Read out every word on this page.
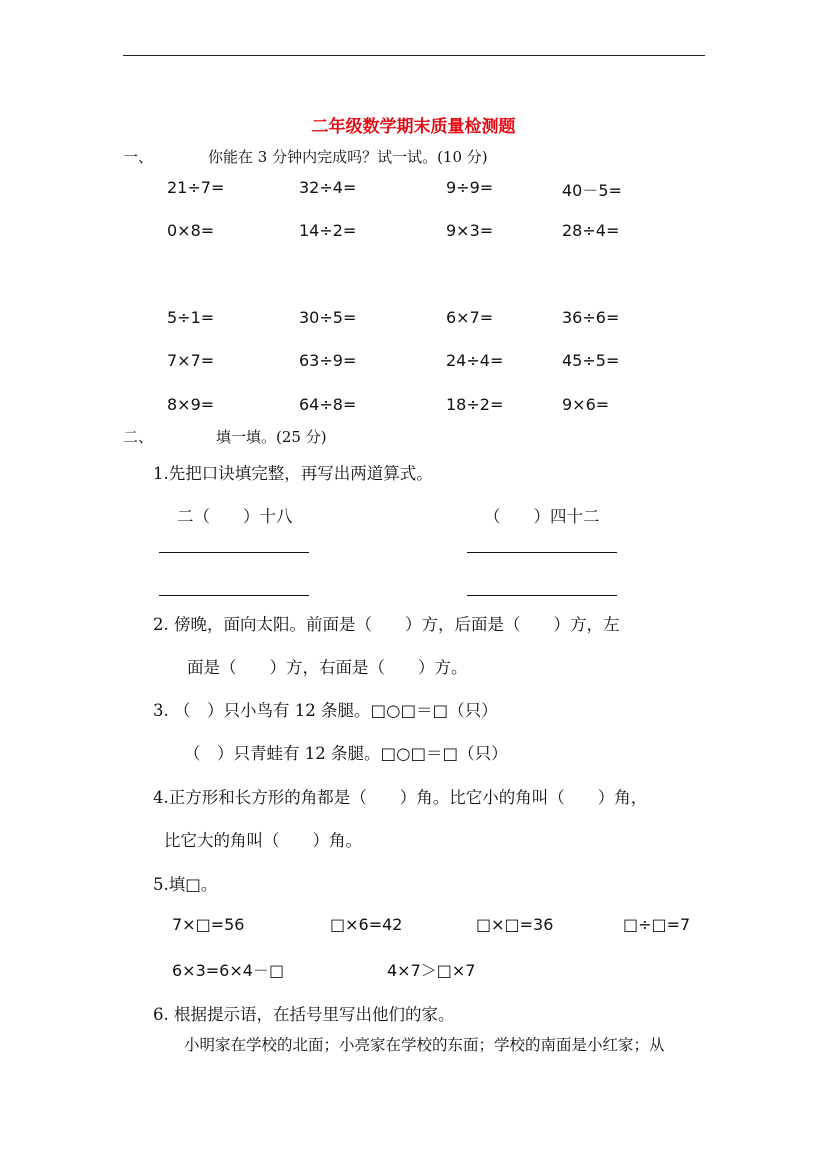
二年级数学期末质量检测题
一、	你能在 3 分钟内完成吗？试一试。(10 分)
21÷7=	32÷4=	9÷9=	40－5=
0×8=	14÷2=	9×3=	28÷4=
5÷1=	30÷5=	6×7=	36÷6=
7×7=	63÷9=	24÷4=	45÷5=
8×9=	64÷8=	18÷2=	9×6=
二、	填一填。(25 分)
1.先把口诀填完整，再写出两道算式。
二（　　）十八	（　　）四十二
2. 傍晚，面向太阳。前面是（　　）方，后面是（　　）方，左
面是（　　）方，右面是（　　）方。
3. （　）只小鸟有 12 条腿。□○□＝□（只）
（　）只青蛙有 12 条腿。□○□＝□（只）
4.正方形和长方形的角都是（　　）角。比它小的角叫（　　）角，
比它大的角叫（　　）角。
5.填□。
7×□=56	□×6=42	□×□=36	□÷□=7
6×3=6×4－□	4×7＞□×7
6. 根据提示语，在括号里写出他们的家。
小明家在学校的北面；小亮家在学校的东面；学校的南面是小红家；从
